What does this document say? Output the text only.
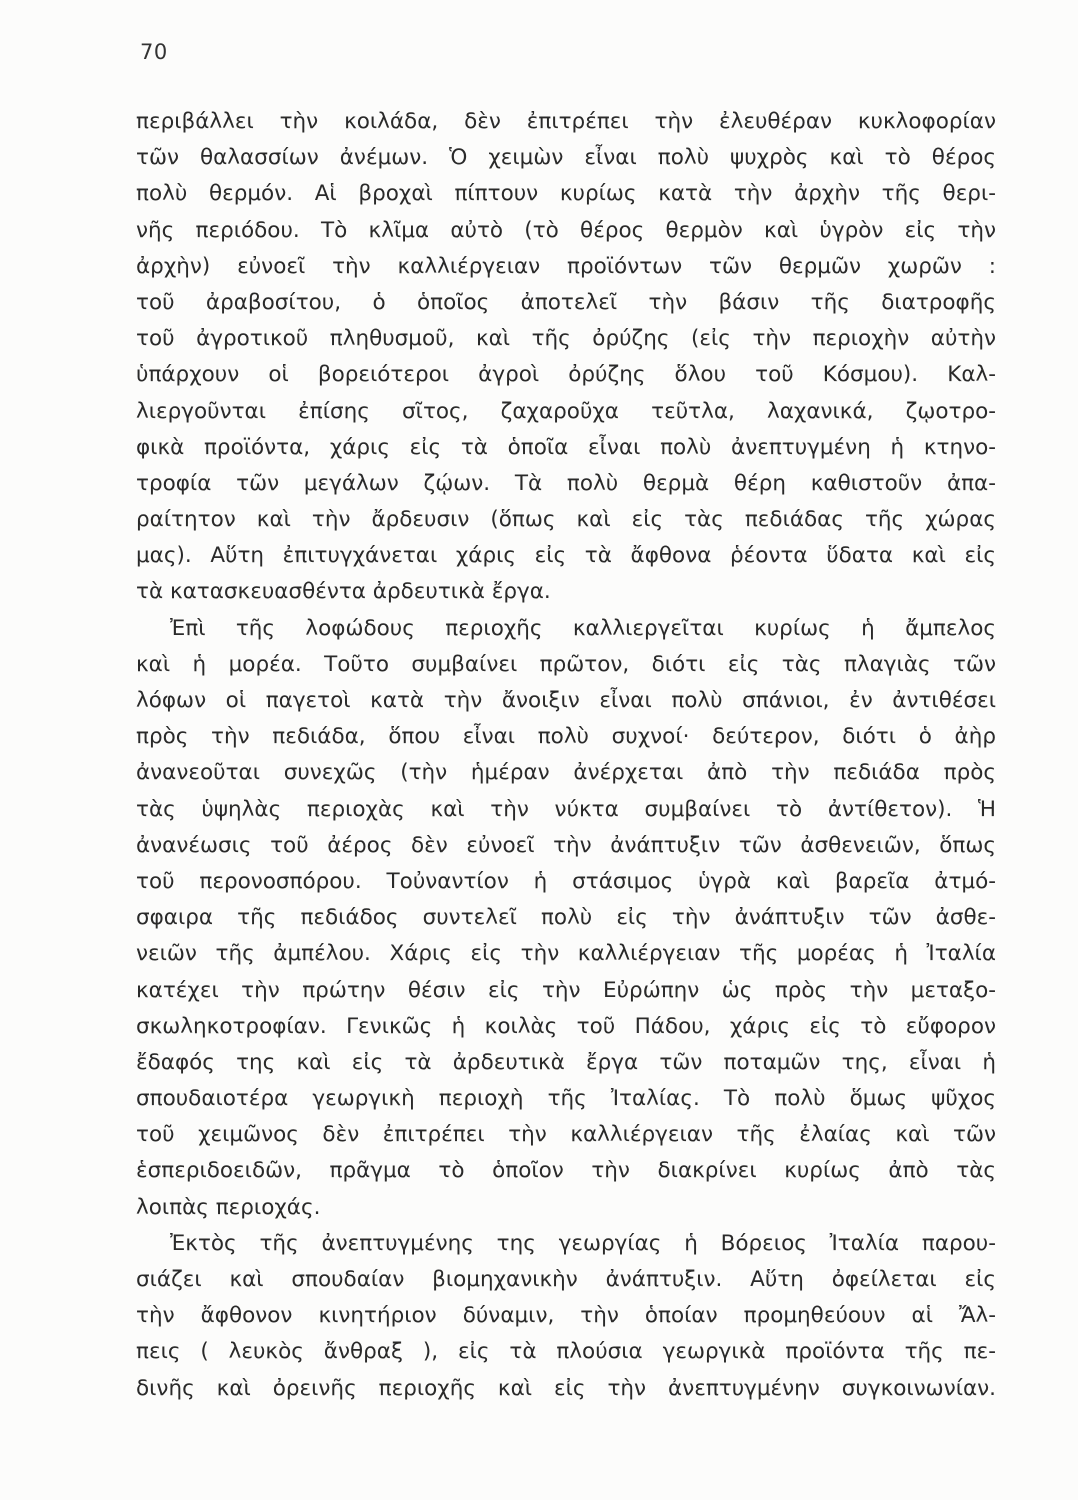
70
περιβάλλει τὴν κοιλάδα, δὲν ἐπιτρέπει τὴν ἐλευθέραν κυκλοφορίαν
τῶν θαλασσίων ἀνέμων. Ὁ χειμὼν εἶναι πολὺ ψυχρὸς καὶ τὸ θέρος
πολὺ θερμόν. Αἱ βροχαὶ πίπτουν κυρίως κατὰ τὴν ἀρχὴν τῆς θερι-
νῆς περιόδου. Τὸ κλῖμα αὐτὸ (τὸ θέρος θερμὸν καὶ ὑγρὸν εἰς τὴν
ἀρχὴν) εὐνοεῖ τὴν καλλιέργειαν προϊόντων τῶν θερμῶν χωρῶν :
τοῦ ἀραβοσίτου, ὁ ὁποῖος ἀποτελεῖ τὴν βάσιν τῆς διατροφῆς
τοῦ ἀγροτικοῦ πληθυσμοῦ, καὶ τῆς ὀρύζης (εἰς τὴν περιοχὴν αὐτὴν
ὑπάρχουν οἱ βορειότεροι ἀγροὶ ὀρύζης ὅλου τοῦ Κόσμου). Καλ-
λιεργοῦνται ἐπίσης σῖτος, ζαχαροῦχα τεῦτλα, λαχανικά, ζῳοτρο-
φικὰ προϊόντα, χάρις εἰς τὰ ὁποῖα εἶναι πολὺ ἀνεπτυγμένη ἡ κτηνο-
τροφία τῶν μεγάλων ζῴων. Τὰ πολὺ θερμὰ θέρη καθιστοῦν ἀπα-
ραίτητον καὶ τὴν ἄρδευσιν (ὅπως καὶ εἰς τὰς πεδιάδας τῆς χώρας
μας). Αὕτη ἐπιτυγχάνεται χάρις εἰς τὰ ἄφθονα ῥέοντα ὕδατα καὶ εἰς
τὰ κατασκευασθέντα ἀρδευτικὰ ἔργα.
Ἐπὶ τῆς λοφώδους περιοχῆς καλλιεργεῖται κυρίως ἡ ἄμπελος
καὶ ἡ μορέα. Τοῦτο συμβαίνει πρῶτον, διότι εἰς τὰς πλαγιὰς τῶν
λόφων οἱ παγετοὶ κατὰ τὴν ἄνοιξιν εἶναι πολὺ σπάνιοι, ἐν ἀντιθέσει
πρὸς τὴν πεδιάδα, ὅπου εἶναι πολὺ συχνοί· δεύτερον, διότι ὁ ἀὴρ
ἀνανεοῦται συνεχῶς (τὴν ἡμέραν ἀνέρχεται ἀπὸ τὴν πεδιάδα πρὸς
τὰς ὑψηλὰς περιοχὰς καὶ τὴν νύκτα συμβαίνει τὸ ἀντίθετον). Ἡ
ἀνανέωσις τοῦ ἀέρος δὲν εὐνοεῖ τὴν ἀνάπτυξιν τῶν ἀσθενειῶν, ὅπως
τοῦ περονοσπόρου. Τοὐναντίον ἡ στάσιμος ὑγρὰ καὶ βαρεῖα ἀτμό-
σφαιρα τῆς πεδιάδος συντελεῖ πολὺ εἰς τὴν ἀνάπτυξιν τῶν ἀσθε-
νειῶν τῆς ἀμπέλου. Χάρις εἰς τὴν καλλιέργειαν τῆς μορέας ἡ Ἰταλία
κατέχει τὴν πρώτην θέσιν εἰς τὴν Εὐρώπην ὡς πρὸς τὴν μεταξο-
σκωληκοτροφίαν. Γενικῶς ἡ κοιλὰς τοῦ Πάδου, χάρις εἰς τὸ εὔφορον
ἔδαφός της καὶ εἰς τὰ ἀρδευτικὰ ἔργα τῶν ποταμῶν της, εἶναι ἡ
σπουδαιοτέρα γεωργικὴ περιοχὴ τῆς Ἰταλίας. Τὸ πολὺ ὅμως ψῦχος
τοῦ χειμῶνος δὲν ἐπιτρέπει τὴν καλλιέργειαν τῆς ἐλαίας καὶ τῶν
ἑσπεριδοειδῶν, πρᾶγμα τὸ ὁποῖον τὴν διακρίνει κυρίως ἀπὸ τὰς
λοιπὰς περιοχάς.
Ἐκτὸς τῆς ἀνεπτυγμένης της γεωργίας ἡ Βόρειος Ἰταλία παρου-
σιάζει καὶ σπουδαίαν βιομηχανικὴν ἀνάπτυξιν. Αὕτη ὀφείλεται εἰς
τὴν ἄφθονον κινητήριον δύναμιν, τὴν ὁποίαν προμηθεύουν αἱ Ἄλ-
πεις ( λευκὸς ἄνθραξ ), εἰς τὰ πλούσια γεωργικὰ προϊόντα τῆς πε-
δινῆς καὶ ὀρεινῆς περιοχῆς καὶ εἰς τὴν ἀνεπτυγμένην συγκοινωνίαν.
